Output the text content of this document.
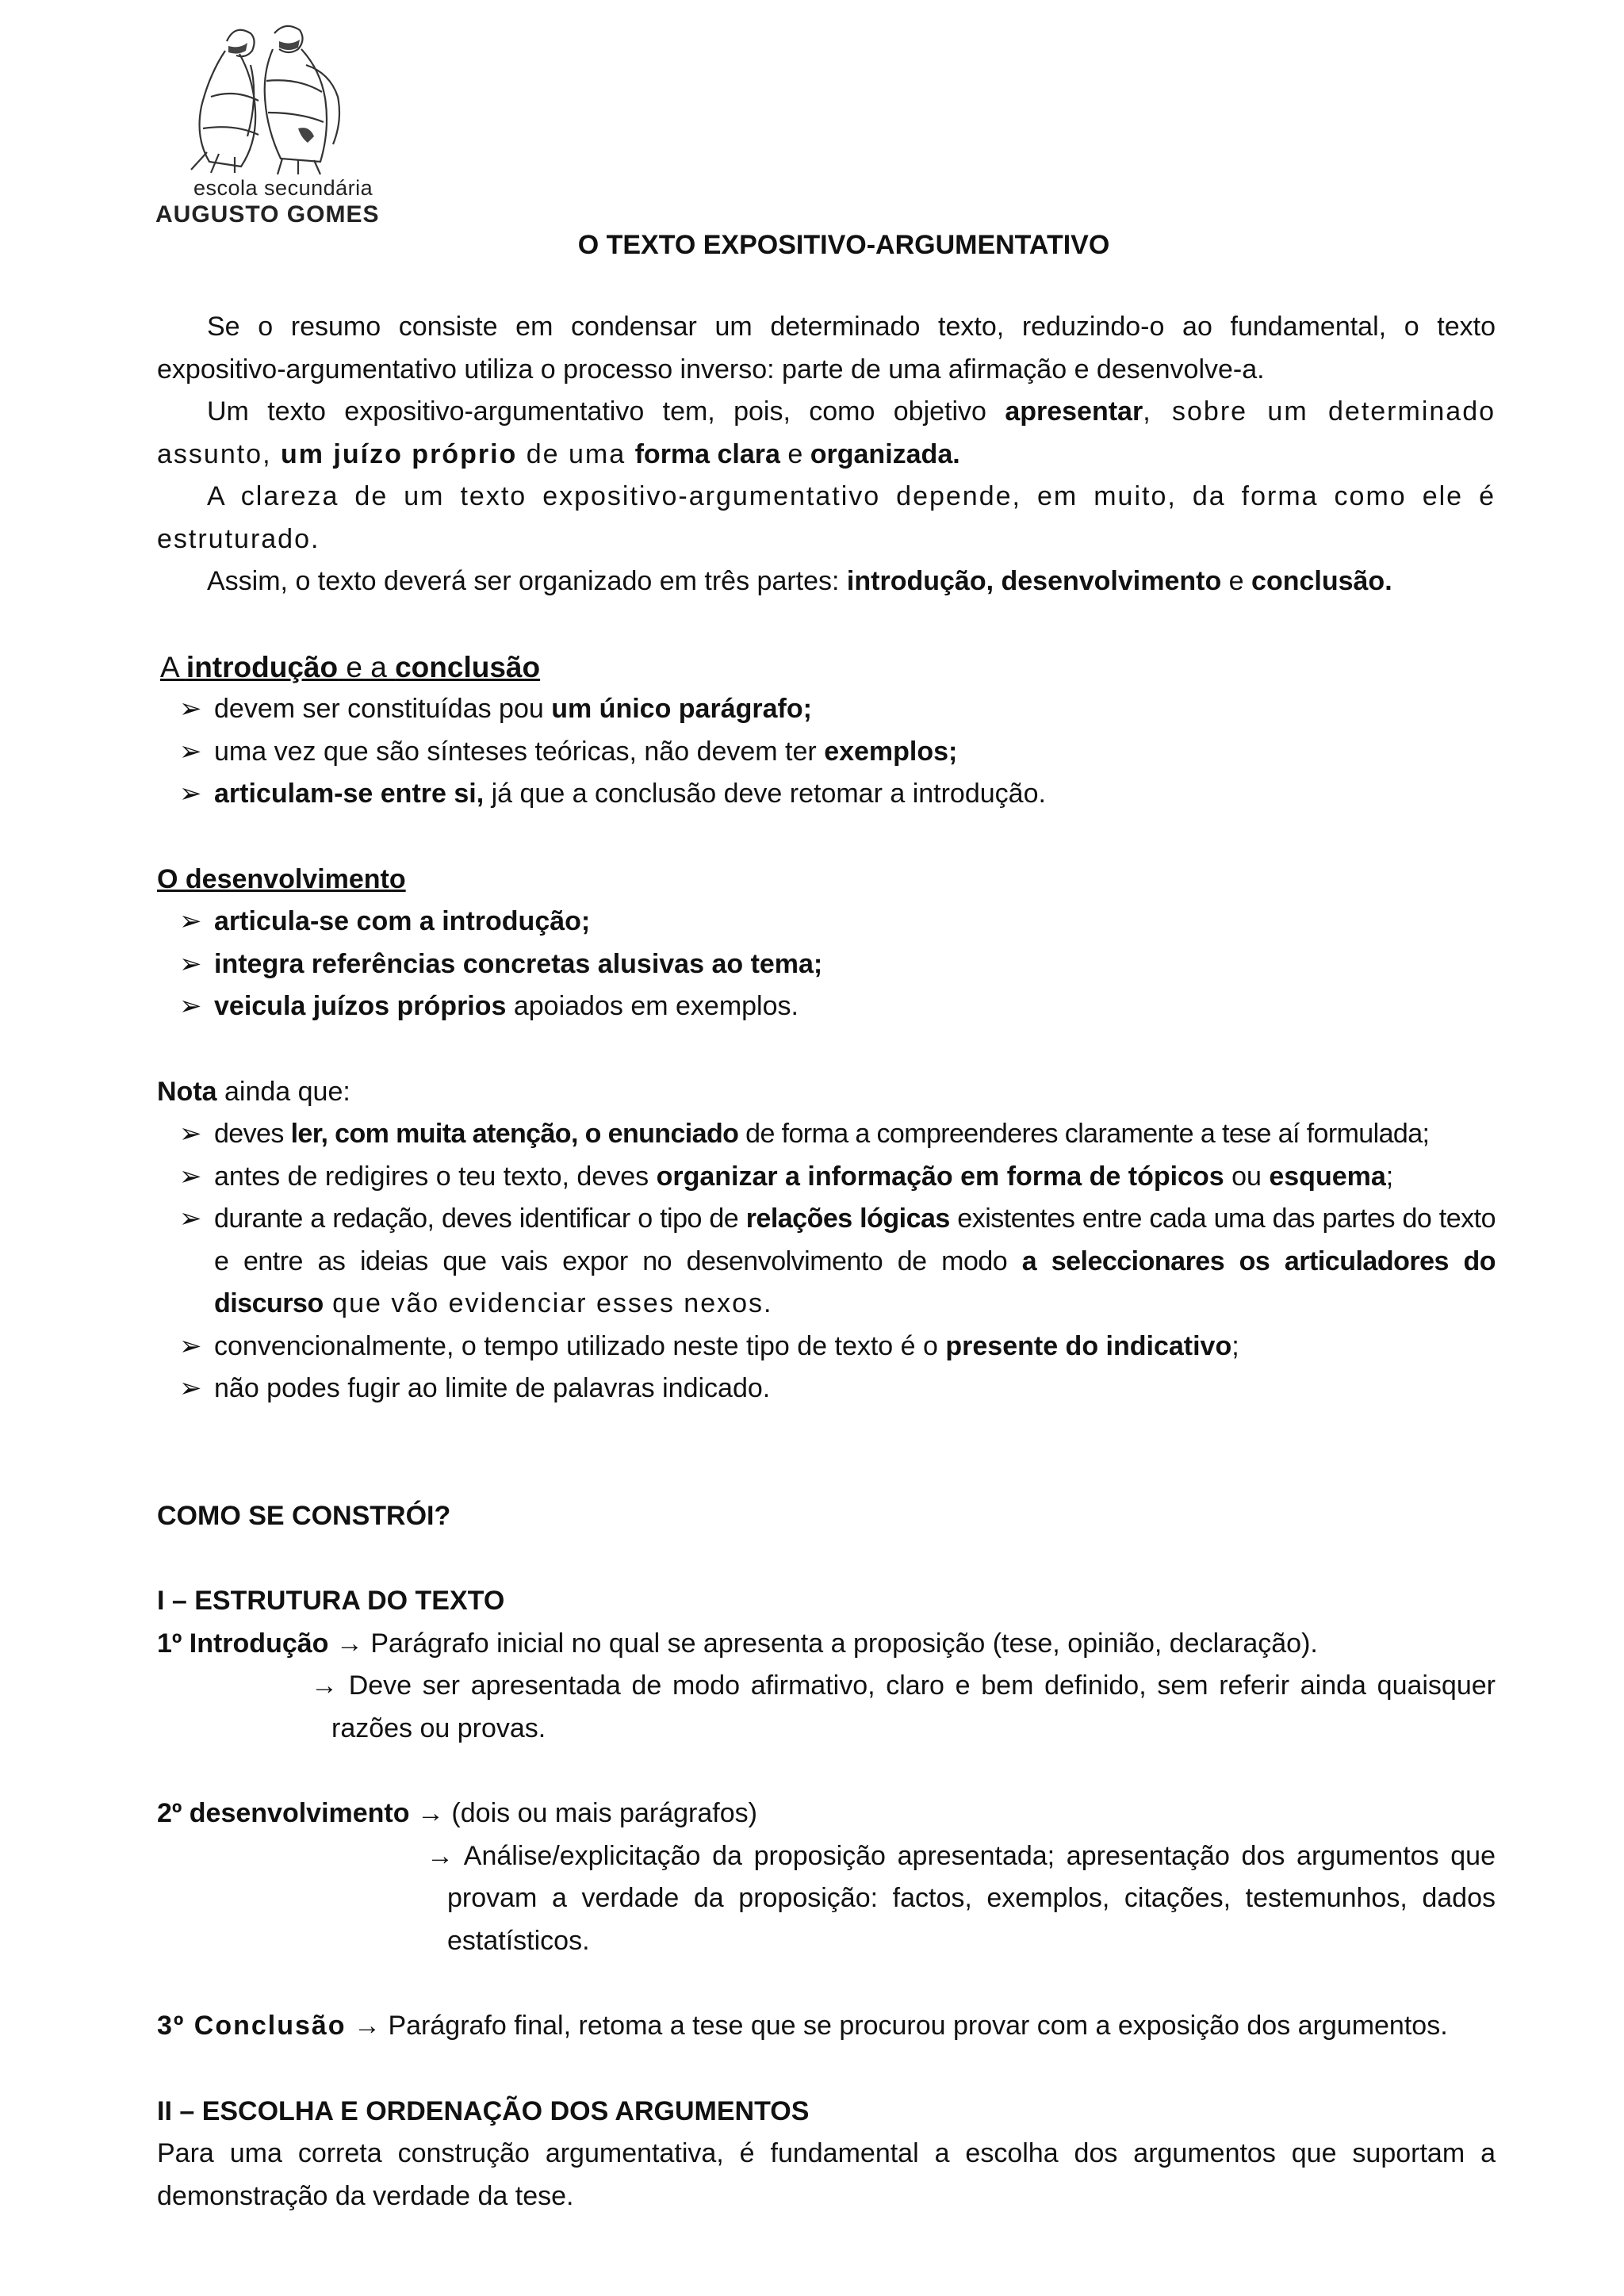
escola secundária
AUGUSTO GOMES
O TEXTO EXPOSITIVO-ARGUMENTATIVO

Se o resumo consiste em condensar um determinado texto, reduzindo-o ao fundamental, o texto expositivo-argumentativo utiliza o processo inverso: parte de uma afirmação e desenvolve-a.

Um texto expositivo-argumentativo tem, pois, como objetivo apresentar, sobre um determinado assunto, um juízo próprio de uma forma clara e organizada.

A clareza de um texto expositivo-argumentativo depende, em muito, da forma como ele é estruturado.

Assim, o texto deverá ser organizado em três partes: introdução, desenvolvimento e conclusão.

A introdução e a conclusão

➢ devem ser constituídas pou um único parágrafo;
➢ uma vez que são sínteses teóricas, não devem ter exemplos;
➢ articulam-se entre si, já que a conclusão deve retomar a introdução.

O desenvolvimento

➢ articula-se com a introdução;
➢ integra referências concretas alusivas ao tema;
➢ veicula juízos próprios apoiados em exemplos.

Nota ainda que:

➢ deves ler, com muita atenção, o enunciado de forma a compreenderes claramente a tese aí formulada;
➢ antes de redigires o teu texto, deves organizar a informação em forma de tópicos ou esquema;
➢ durante a redação, deves identificar o tipo de relações lógicas existentes entre cada uma das partes do texto e entre as ideias que vais expor no desenvolvimento de modo a seleccionares os articuladores do discurso que vão evidenciar esses nexos.
➢ convencionalmente, o tempo utilizado neste tipo de texto é o presente do indicativo;
➢ não podes fugir ao limite de palavras indicado.

COMO SE CONSTRÓI?

I – ESTRUTURA DO TEXTO

1º Introdução → Parágrafo inicial no qual se apresenta a proposição (tese, opinião, declaração).

→ Deve ser apresentada de modo afirmativo, claro e bem definido, sem referir ainda quaisquer razões ou provas.

2º desenvolvimento → (dois ou mais parágrafos)

→ Análise/explicitação da proposição apresentada; apresentação dos argumentos que provam a verdade da proposição: factos, exemplos, citações, testemunhos, dados estatísticos.

3º Conclusão → Parágrafo final, retoma a tese que se procurou provar com a exposição dos argumentos.

II – ESCOLHA E ORDENAÇÃO DOS ARGUMENTOS

Para uma correta construção argumentativa, é fundamental a escolha dos argumentos que suportam a demonstração da verdade da tese.
